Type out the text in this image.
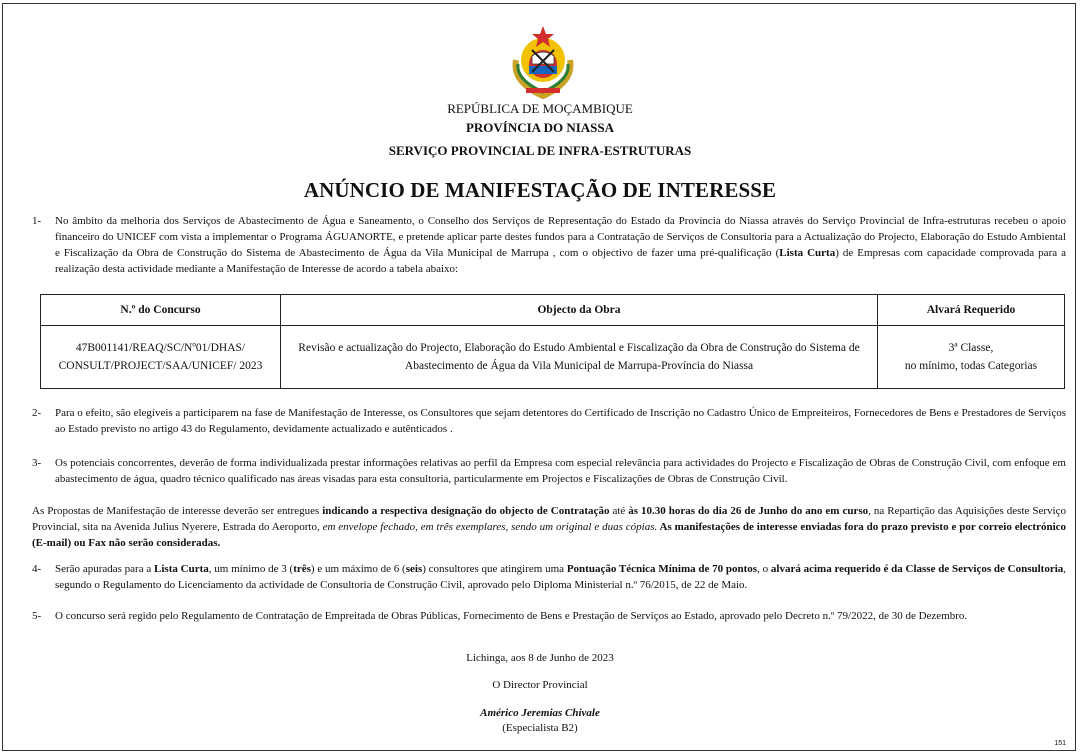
REPÚBLICA DE MOÇAMBIQUE
PROVÍNCIA DO NIASSA
SERVIÇO PROVINCIAL DE INFRA-ESTRUTURAS
ANÚNCIO DE MANIFESTAÇÃO DE INTERESSE
1- No âmbito da melhoria dos Serviços de Abastecimento de Água e Saneamento, o Conselho dos Serviços de Representação do Estado da Província do Niassa através do Serviço Provincial de Infra-estruturas recebeu o apoio financeiro do UNICEF com vista a implementar o Programa ÁGUANORTE, e pretende aplicar parte destes fundos para a Contratação de Serviços de Consultoria para a Actualização do Projecto, Elaboração do Estudo Ambiental e Fiscalização da Obra de Construção do Sistema de Abastecimento de Água da Vila Municipal de Marrupa , com o objectivo de fazer uma pré-qualificação (Lista Curta) de Empresas com capacidade comprovada para a realização desta actividade mediante a Manifestação de Interesse de acordo a tabela abaixo:
N.º do Concurso	Objecto da Obra	Alvará Requerido
47B001141/REAQ/SC/Nº01/DHAS/ CONSULT/PROJECT/SAA/UNICEF/ 2023	Revisão e actualização do Projecto, Elaboração do Estudo Ambiental e Fiscalização da Obra de Construção do Sistema de Abastecimento de Água da Vila Municipal de Marrupa-Província do Niassa	3ª Classe,
no mínimo, todas Categorias
2- Para o efeito, são elegíveis a participarem na fase de Manifestação de Interesse, os Consultores que sejam detentores do Certificado de Inscrição no Cadastro Único de Empreiteiros, Fornecedores de Bens e Prestadores de Serviços ao Estado previsto no artigo 43 do Regulamento, devidamente actualizado e autênticados .
3- Os potenciais concorrentes, deverão de forma individualizada prestar informações relativas ao perfil da Empresa com especial relevância para actividades do Projecto e Fiscalização de Obras de Construção Civil, com enfoque em abastecimento de água, quadro técnico qualificado nas áreas visadas para esta consultoria, particularmente em Projectos e Fiscalizações de Obras de Construção Civil.
As Propostas de Manifestação de interesse deverão ser entregues indicando a respectiva designação do objecto de Contratação até às 10.30 horas do dia 26 de Junho do ano em curso, na Repartição das Aquisições deste Serviço Provincial, sita na Avenida Julius Nyerere, Estrada do Aeroporto, em envelope fechado, em três exemplares, sendo um original e duas cópias. As manifestações de interesse enviadas fora do prazo previsto e por correio electrónico (E-mail) ou Fax não serão consideradas.
4- Serão apuradas para a Lista Curta, um mínimo de 3 (três) e um máximo de 6 (seis) consultores que atingirem uma Pontuação Técnica Mínima de 70 pontos, o alvará acima requerido é da Classe de Serviços de Consultoria, segundo o Regulamento do Licenciamento da actividade de Consultoria de Construção Civil, aprovado pelo Diploma Ministerial n.º 76/2015, de 22 de Maio.
5- O concurso será regido pelo Regulamento de Contratação de Empreitada de Obras Públicas, Fornecimento de Bens e Prestação de Serviços ao Estado, aprovado pelo Decreto n.º 79/2022, de 30 de Dezembro.
Lichinga, aos 8 de Junho de 2023
O Director Provincial
Américo Jeremias Chivale
(Especialista B2)
151
